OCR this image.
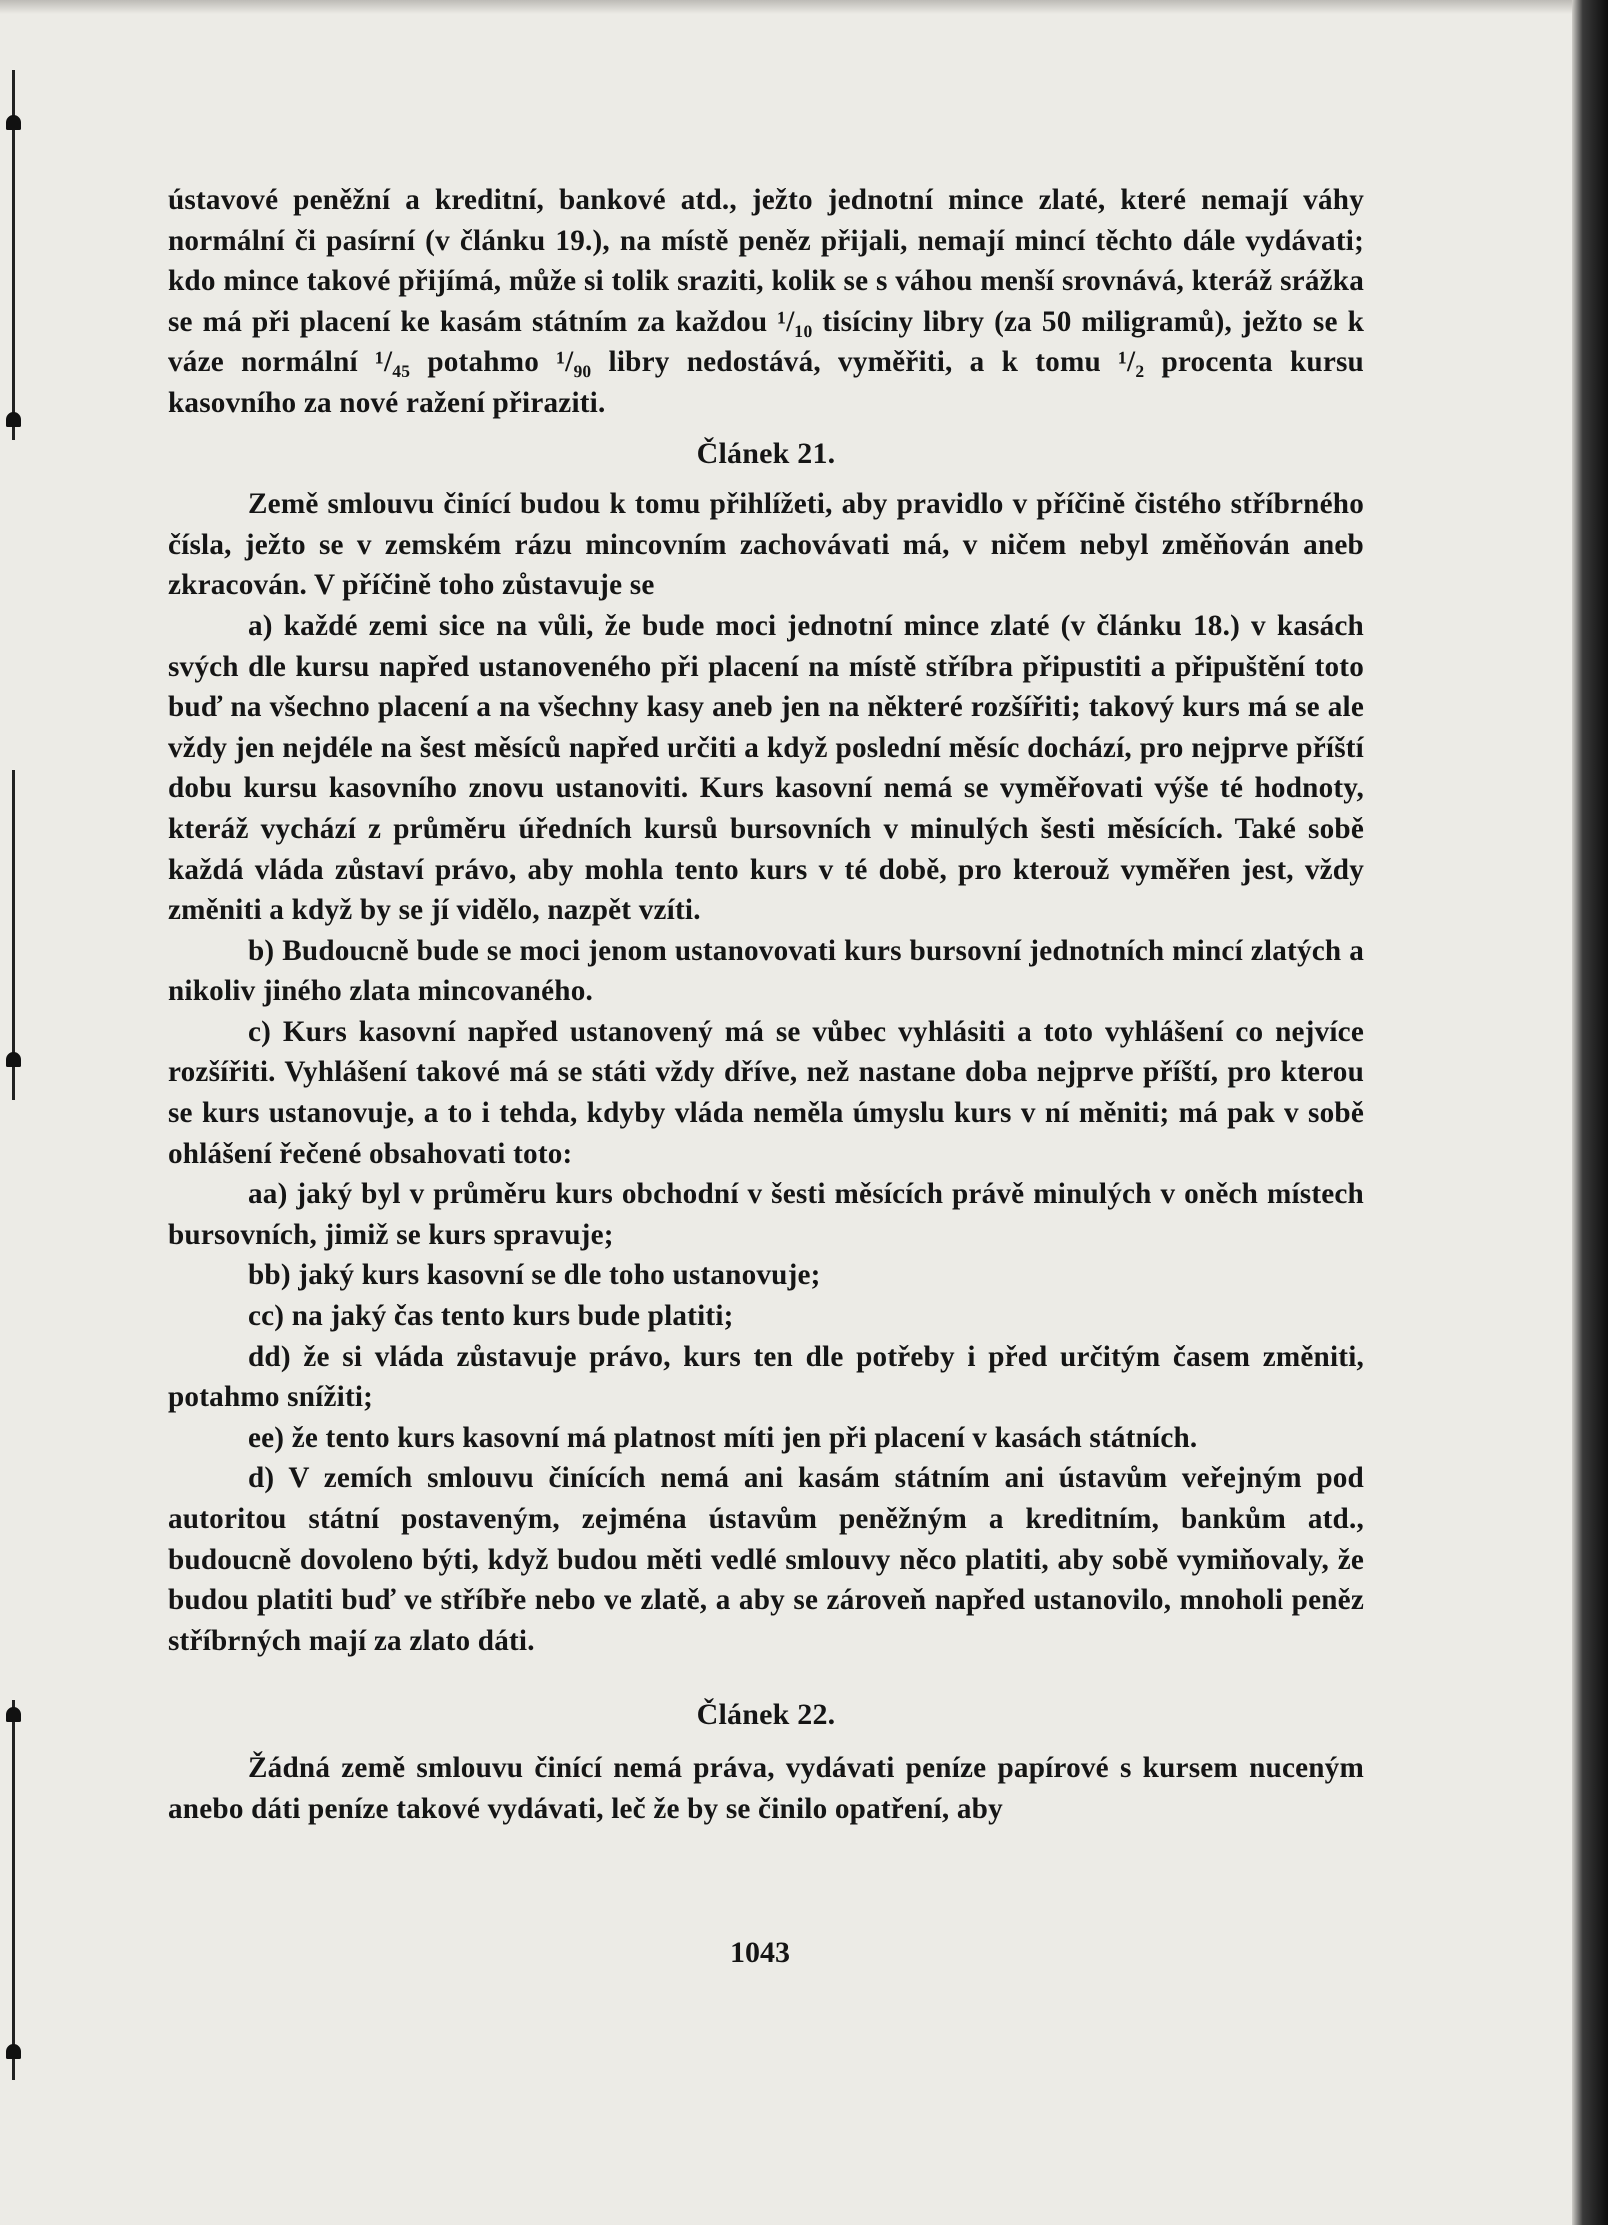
ústavové peněžní a kreditní, bankové atd., ježto jednotní mince zlaté, které nemají váhy normální či pasírní (v článku 19.), na místě peněz přijali, nemají mincí těchto dále vydávati; kdo mince takové přijímá, může si tolik sraziti, kolik se s váhou menší srovnává, kteráž srážka se má při placení ke kasám státním za každou ¹/₁₀ tisíciny libry (za 50 miligramů), ježto se k váze normální ¹/₄₅ potahmo ¹/₉₀ libry nedostává, vyměřiti, a k tomu ¹/₂ procenta kursu kasovního za nové ražení přiraziti.

Článek 21.

Země smlouvu činící budou k tomu přihlížeti, aby pravidlo v příčině čistého stříbrného čísla, ježto se v zemském rázu mincovním zachovávati má, v ničem nebyl změňován aneb zkracován. V příčině toho zůstavuje se

a) každé zemi sice na vůli, že bude moci jednotní mince zlaté (v článku 18.) v kasách svých dle kursu napřed ustanoveného při placení na místě stříbra připustiti a připuštění toto buď na všechno placení a na všechny kasy aneb jen na některé rozšířiti; takový kurs má se ale vždy jen nejdéle na šest měsíců napřed určiti a když poslední měsíc dochází, pro nejprve příští dobu kursu kasovního znovu ustanoviti. Kurs kasovní nemá se vyměřovati výše té hodnoty, kteráž vychází z průměru úředních kursů bursovních v minulých šesti měsících. Také sobě každá vláda zůstaví právo, aby mohla tento kurs v té době, pro kterouž vyměřen jest, vždy změniti a když by se jí vidělo, nazpět vzíti.

b) Budoucně bude se moci jenom ustanovovati kurs bursovní jednotních mincí zlatých a nikoliv jiného zlata mincovaného.

c) Kurs kasovní napřed ustanovený má se vůbec vyhlásiti a toto vyhlášení co nejvíce rozšířiti. Vyhlášení takové má se státi vždy dříve, než nastane doba nejprve příští, pro kterou se kurs ustanovuje, a to i tehda, kdyby vláda neměla úmyslu kurs v ní měniti; má pak v sobě ohlášení řečené obsahovati toto:

aa) jaký byl v průměru kurs obchodní v šesti měsících právě minulých v oněch místech bursovních, jimiž se kurs spravuje;

bb) jaký kurs kasovní se dle toho ustanovuje;

cc) na jaký čas tento kurs bude platiti;

dd) že si vláda zůstavuje právo, kurs ten dle potřeby i před určitým časem změniti, potahmo snížiti;

ee) že tento kurs kasovní má platnost míti jen při placení v kasách státních.

d) V zemích smlouvu činících nemá ani kasám státním ani ústavům veřejným pod autoritou státní postaveným, zejména ústavům peněžným a kreditním, bankům atd., budoucně dovoleno býti, když budou měti vedlé smlouvy něco platiti, aby sobě vymiňovaly, že budou platiti buď ve stříbře nebo ve zlatě, a aby se zároveň napřed ustanovilo, mnoholi peněz stříbrných mají za zlato dáti.

Článek 22.

Žádná země smlouvu činící nemá práva, vydávati peníze papírové s kursem nuceným anebo dáti peníze takové vydávati, leč že by se činilo opatření, aby

1043
